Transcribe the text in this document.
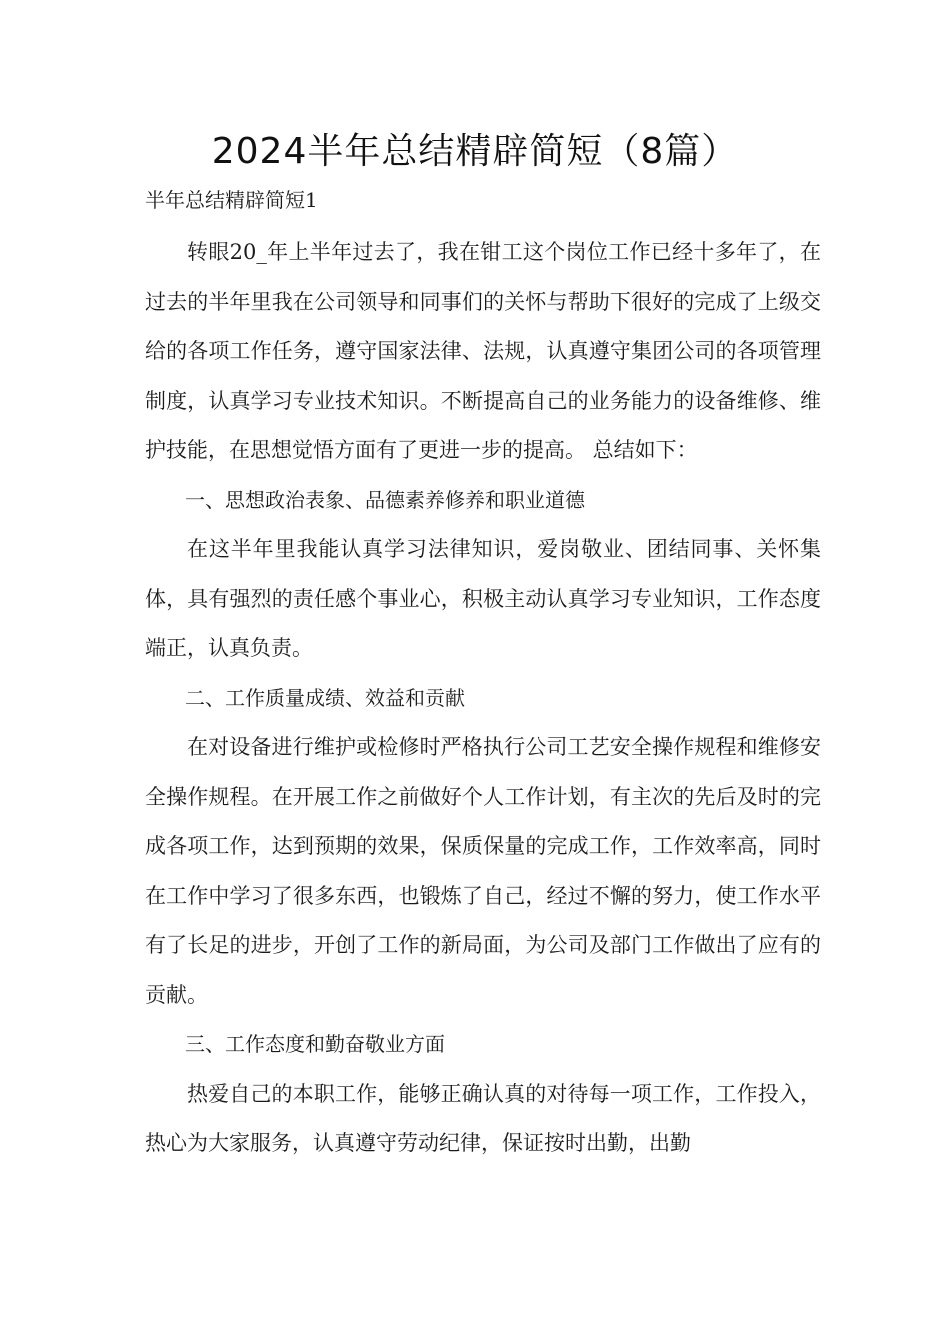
2024半年总结精辟简短（8篇）
半年总结精辟简短1

转眼20_年上半年过去了，我在钳工这个岗位工作已经十多年了，在过去的半年里我在公司领导和同事们的关怀与帮助下很好的完成了上级交给的各项工作任务，遵守国家法律、法规，认真遵守集团公司的各项管理制度，认真学习专业技术知识。不断提高自己的业务能力的设备维修、维护技能，在思想觉悟方面有了更进一步的提高。 总结如下：

一、思想政治表象、品德素养修养和职业道德

在这半年里我能认真学习法律知识，爱岗敬业、团结同事、关怀集体，具有强烈的责任感个事业心，积极主动认真学习专业知识，工作态度端正，认真负责。

二、工作质量成绩、效益和贡献

在对设备进行维护或检修时严格执行公司工艺安全操作规程和维修安全操作规程。在开展工作之前做好个人工作计划，有主次的先后及时的完成各项工作，达到预期的效果，保质保量的完成工作，工作效率高，同时在工作中学习了很多东西，也锻炼了自己，经过不懈的努力，使工作水平有了长足的进步，开创了工作的新局面，为公司及部门工作做出了应有的贡献。

三、工作态度和勤奋敬业方面

热爱自己的本职工作，能够正确认真的对待每一项工作，工作投入，热心为大家服务，认真遵守劳动纪律，保证按时出勤，出勤
